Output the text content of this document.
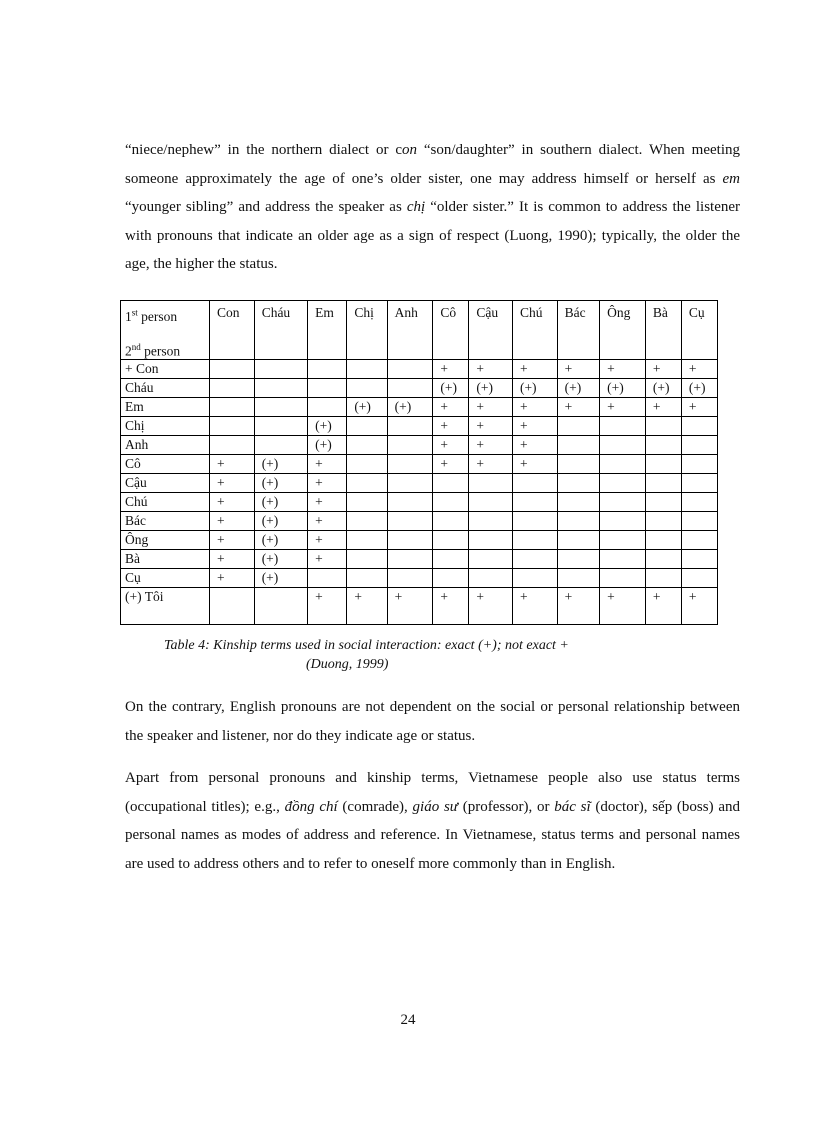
“niece/nephew” in the northern dialect or con “son/daughter” in southern dialect. When meeting someone approximately the age of one’s older sister, one may address himself or herself as em “younger sibling” and address the speaker as chị “older sister.” It is common to address the listener with pronouns that indicate an older age as a sign of respect (Luong, 1990); typically, the older the age, the higher the status.

1st person
2nd person	Con	Cháu	Em	Chị	Anh	Cô	Cậu	Chú	Bác	Ông	Bà	Cụ
+ Con						+	+	+	+	+	+	+
Cháu						(+)	(+)	(+)	(+)	(+)	(+)	(+)
Em				(+)	(+)	+	+	+	+	+	+	+
Chị			(+)			+	+	+				
Anh			(+)			+	+	+				
Cô	+	(+)	+			+	+	+				
Cậu	+	(+)	+									
Chú	+	(+)	+									
Bác	+	(+)	+									
Ông	+	(+)	+									
Bà	+	(+)	+									
Cụ	+	(+)										
(+) Tôi			+	+	+	+	+	+	+	+	+	+

Table 4: Kinship terms used in social interaction: exact (+); not exact +
(Duong, 1999)

On the contrary, English pronouns are not dependent on the social or personal relationship between the speaker and listener, nor do they indicate age or status.

Apart from personal pronouns and kinship terms, Vietnamese people also use status terms (occupational titles); e.g., đồng chí (comrade), giáo sư (professor), or bác sĩ (doctor), sếp (boss) and personal names as modes of address and reference. In Vietnamese, status terms and personal names are used to address others and to refer to oneself more commonly than in English.

24
